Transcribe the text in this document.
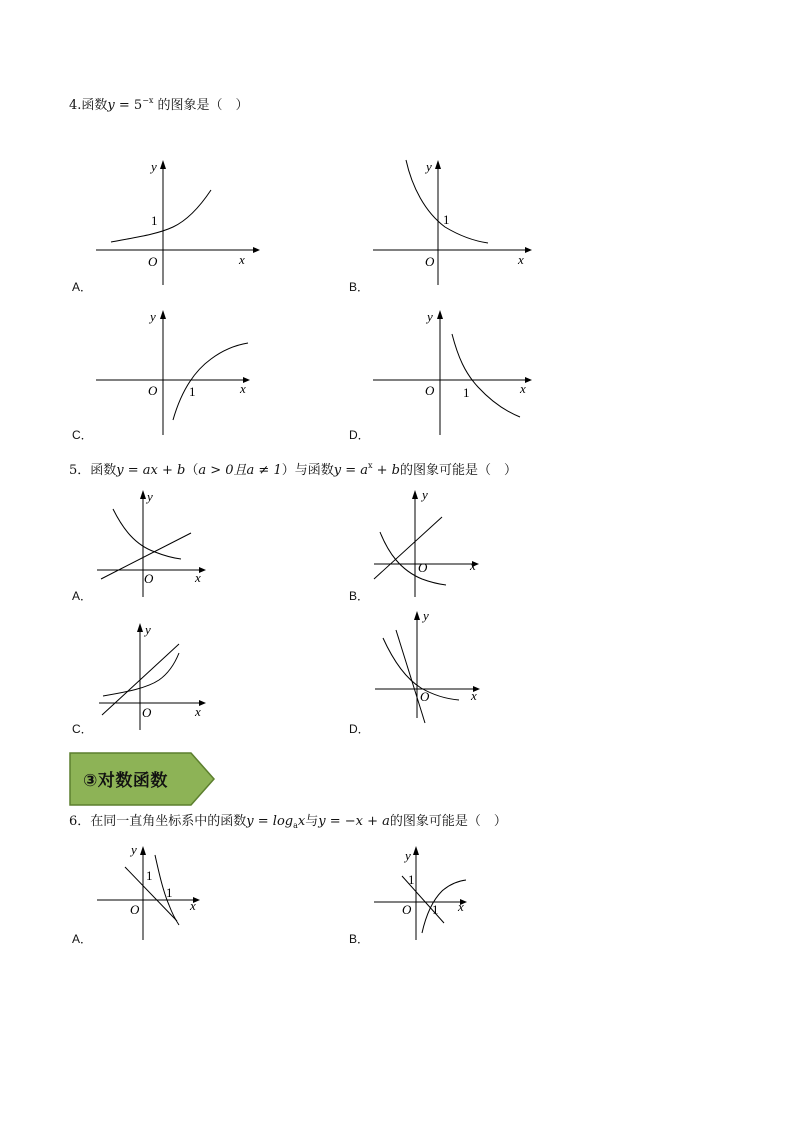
4.函数$y = 5^{-x}$ 的图象是（　）
y
x
O
1
A．
y
x
O
1
B．
y
x
O 1
C．
y
x
O 1
D．
5．函数y = ax + b（a > 0且a ≠ 1）与函数$y = a^x + b$的图象可能是（　）
y
x
O
A．
y
x
O
B．
y
x
O
C．
y
x
O
D．
③对数函数
6．在同一直角坐标系中的函数$y = \log_ax$与y = −x + a的图象可能是（　）
y
x
O
1
1
A．
y
x
O
1
1
B．
